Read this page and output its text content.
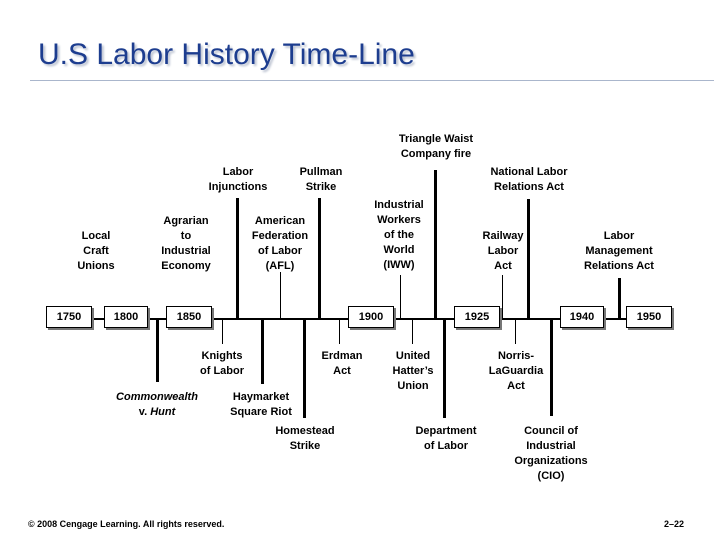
U.S Labor History Time-Line
1750	1800	1850	1900	1925	1940	1950
Local
Craft
Unions
Agrarian
to
Industrial
Economy
Labor
Injunctions
American
Federation
of Labor
(AFL)
Pullman
Strike
Industrial
Workers
of the
World
(IWW)
Triangle Waist
Company fire
Railway
Labor
Act
National Labor
Relations Act
Labor
Management
Relations Act
Commonwealth
v. Hunt
Knights
of Labor
Haymarket
Square Riot
Homestead
Strike
Erdman
Act
United
Hatter’s
Union
Department
of Labor
Norris-
LaGuardia
Act
Council of
Industrial
Organizations
(CIO)
© 2008 Cengage Learning. All rights reserved.	2–22
